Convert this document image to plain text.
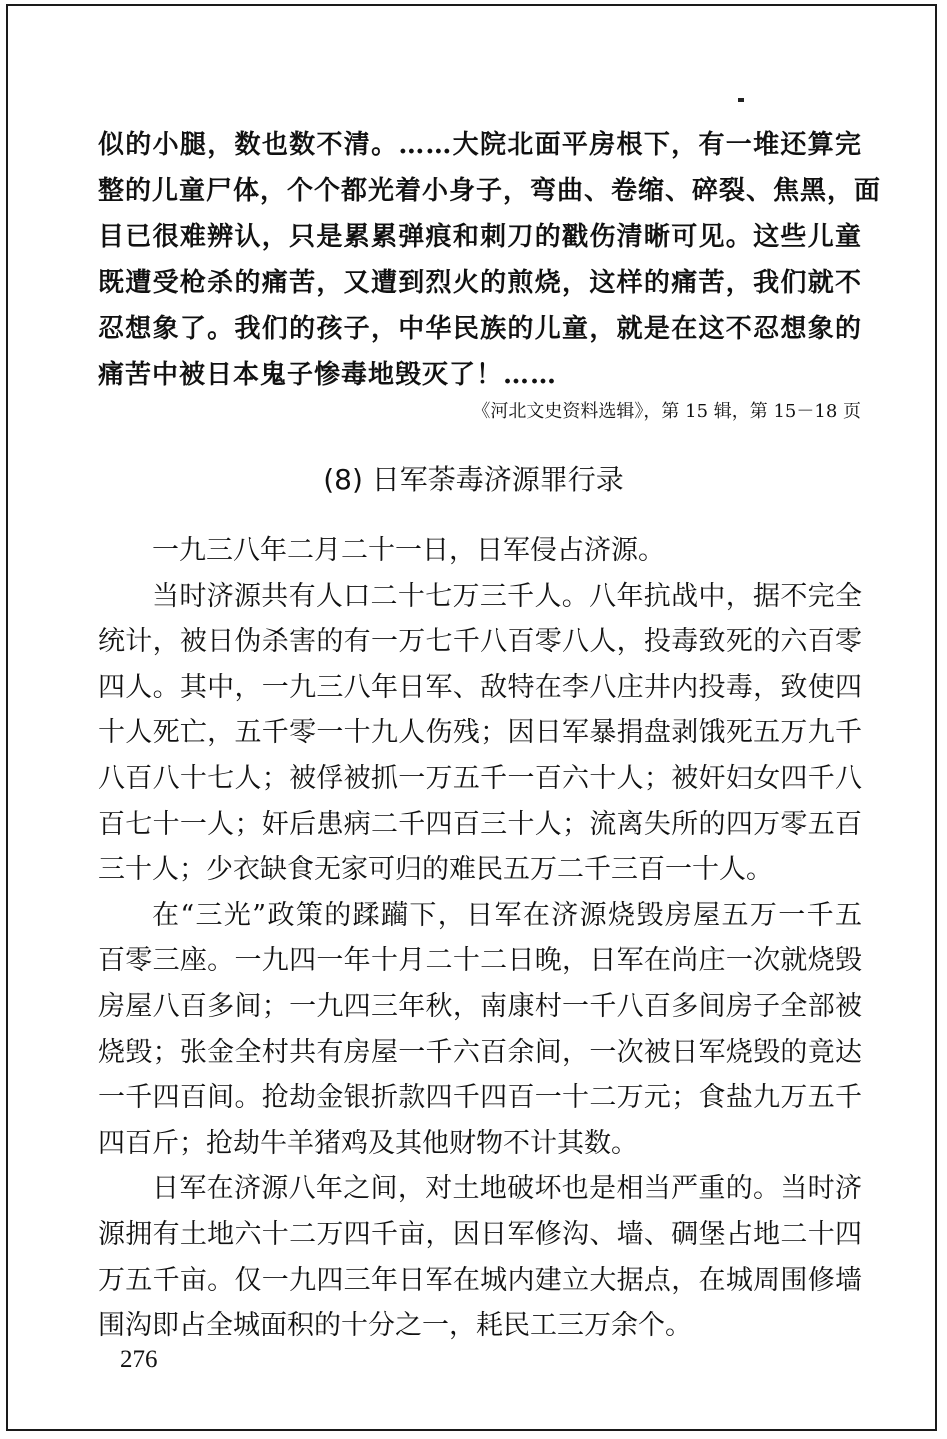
似的小腿，数也数不清。……大院北面平房根下，有一堆还算完
整的儿童尸体，个个都光着小身子，弯曲、卷缩、碎裂、焦黑，面
目已很难辨认，只是累累弹痕和刺刀的戳伤清晰可见。这些儿童
既遭受枪杀的痛苦，又遭到烈火的煎烧，这样的痛苦，我们就不
忍想象了。我们的孩子，中华民族的儿童，就是在这不忍想象的
痛苦中被日本鬼子惨毒地毁灭了！……
《河北文史资料选辑》，第 15 辑，第 15－18 页
(8) 日军荼毒济源罪行录
一九三八年二月二十一日，日军侵占济源。
当时济源共有人口二十七万三千人。八年抗战中，据不完全
统计，被日伪杀害的有一万七千八百零八人，投毒致死的六百零
四人。其中，一九三八年日军、敌特在李八庄井内投毒，致使四
十人死亡，五千零一十九人伤残；因日军暴捐盘剥饿死五万九千
八百八十七人；被俘被抓一万五千一百六十人；被奸妇女四千八
百七十一人；奸后患病二千四百三十人；流离失所的四万零五百
三十人；少衣缺食无家可归的难民五万二千三百一十人。
在“三光”政策的蹂躏下，日军在济源烧毁房屋五万一千五
百零三座。一九四一年十月二十二日晚，日军在尚庄一次就烧毁
房屋八百多间；一九四三年秋，南康村一千八百多间房子全部被
烧毁；张金全村共有房屋一千六百余间，一次被日军烧毁的竟达
一千四百间。抢劫金银折款四千四百一十二万元；食盐九万五千
四百斤；抢劫牛羊猪鸡及其他财物不计其数。
日军在济源八年之间，对土地破坏也是相当严重的。当时济
源拥有土地六十二万四千亩，因日军修沟、墙、碉堡占地二十四
万五千亩。仅一九四三年日军在城内建立大据点，在城周围修墙
围沟即占全城面积的十分之一，耗民工三万余个。
276
